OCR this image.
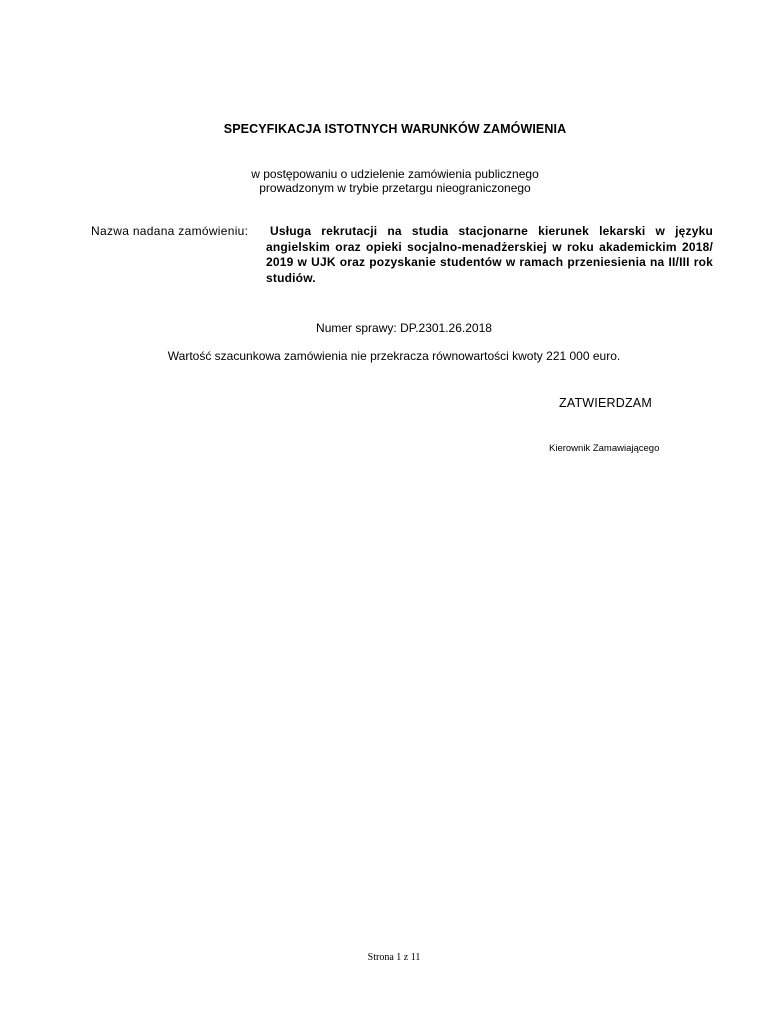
SPECYFIKACJA ISTOTNYCH WARUNKÓW ZAMÓWIENIA
w postępowaniu o udzielenie zamówienia publicznego
prowadzonym w trybie przetargu nieograniczonego
Nazwa nadana zamówieniu:	Usługa rekrutacji na studia stacjonarne kierunek lekarski w języku angielskim oraz opieki socjalno-menadżerskiej w roku akademickim 2018/ 2019 w UJK oraz pozyskanie studentów w ramach przeniesienia na II/III rok studiów.
Numer sprawy: DP.2301.26.2018
Wartość szacunkowa zamówienia nie przekracza równowartości kwoty 221 000 euro.
ZATWIERDZAM
Kierownik Zamawiającego
Strona 1 z 11
